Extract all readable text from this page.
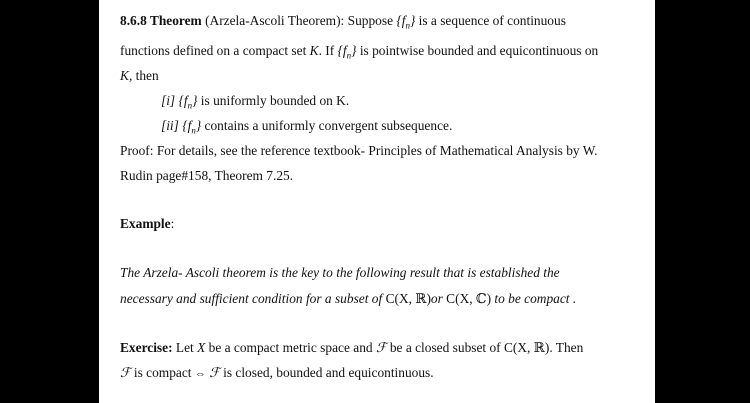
8.6.8 Theorem (Arzela-Ascoli Theorem): Suppose $\{f_n\}$ is a sequence of continuous
functions defined on a compact set K. If $\{f_n\}$ is pointwise bounded and equicontinuous on
K, then
[i] $\{f_n\}$ is uniformly bounded on K.
[ii] $\{f_n\}$ contains a uniformly convergent subsequence.
Proof: For details, see the reference textbook- Principles of Mathematical Analysis by W.
Rudin page#158, Theorem 7.25.
Example:
The Arzela- Ascoli theorem is the key to the following result that is established the
necessary and sufficient condition for a subset of C(X, ℝ)or C(X, ℂ) to be compact .
Exercise: Let X be a compact metric space and ℱ be a closed subset of C(X, ℝ). Then
ℱ is compact ⇔ ℱ is closed, bounded and equicontinuous.
